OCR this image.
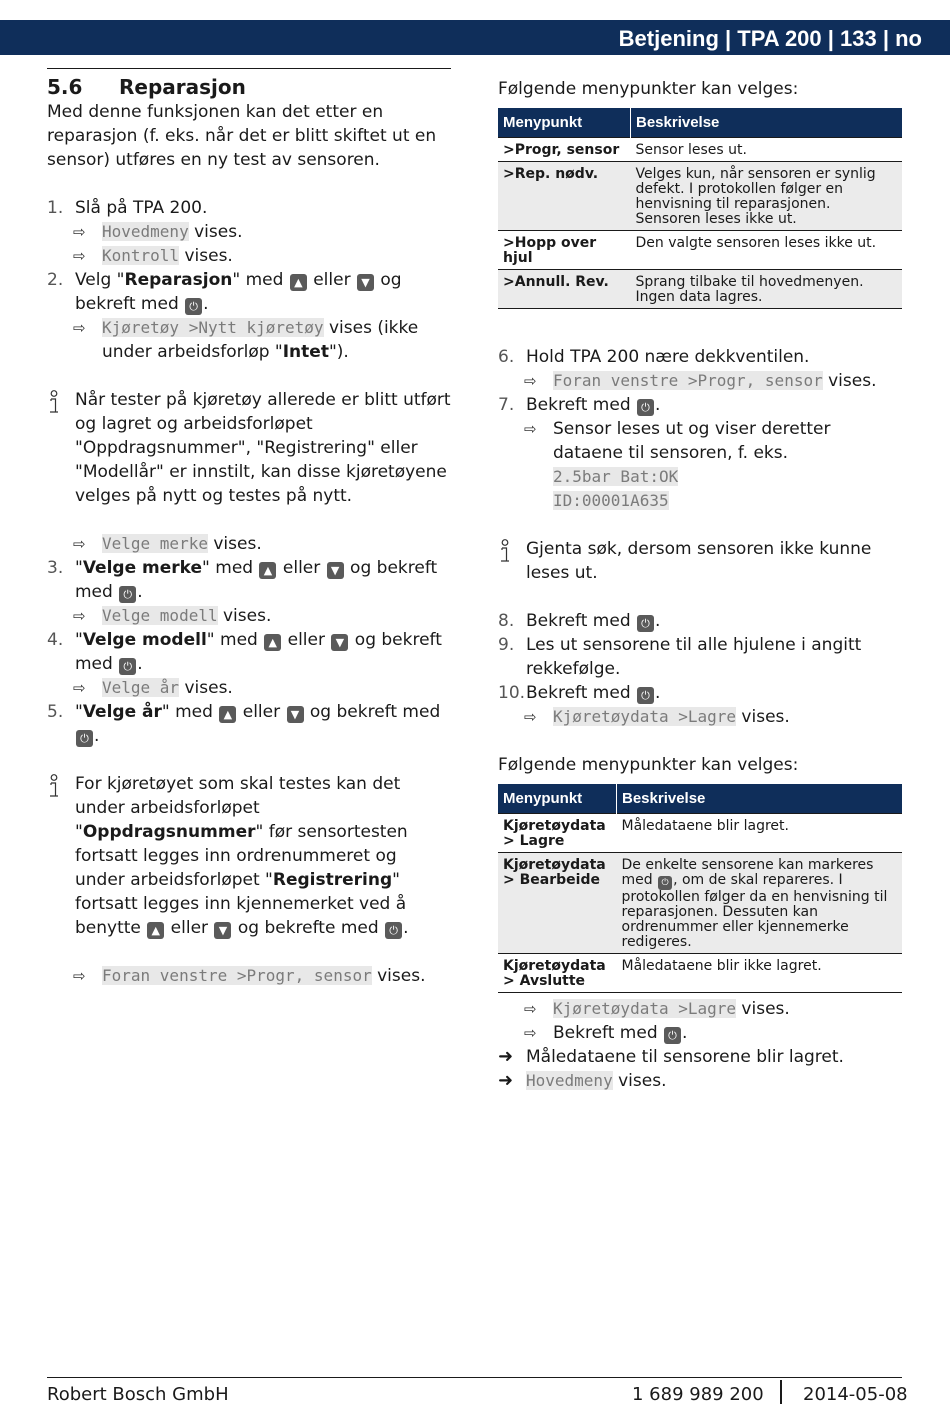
Betjening | TPA 200 | 133 | no
5.6 Reparasjon

Med denne funksjonen kan det etter en reparasjon (f. eks. når det er blitt skiftet ut en sensor) utføres en ny test av sensoren.

1. Slå på TPA 200.
⇨ Hovedmeny vises.
⇨ Kontroll vises.
2. Velg "Reparasjon" med ▲ eller ▼ og bekreft med ⏻ .
⇨ Kjøretøy >Nytt kjøretøy vises (ikke under arbeidsforløp "Intet").

Når tester på kjøretøy allerede er blitt utført og lagret og arbeidsforløpet "Oppdragsnummer", "Registrering" eller "Modellår" er innstilt, kan disse kjøretøyene velges på nytt og testes på nytt.

⇨ Velge merke vises.
3. "Velge merke" med ▲ eller ▼ og bekreft med ⏻ .
⇨ Velge modell vises.
4. "Velge modell" med ▲ eller ▼ og bekreft med ⏻ .
⇨ Velge år vises.
5. "Velge år" med ▲ eller ▼ og bekreft med ⏻ .

For kjøretøyet som skal testes kan det under arbeidsforløpet "Oppdragsnummer" før sensortesten fortsatt legges inn ordrenummeret og under arbeidsforløpet "Registrering" fortsatt legges inn kjennemerket ved å benytte ▲ eller ▼ og bekrefte med ⏻ .

⇨ Foran venstre >Progr, sensor vises.

Følgende menypunkter kan velges:

Menypunkt	Beskrivelse
>Progr, sensor	Sensor leses ut.
>Rep. nødv.	Velges kun, når sensoren er synlig defekt. I protokollen følger en henvisning til reparasjonen. Sensoren leses ikke ut.
>Hopp over hjul	Den valgte sensoren leses ikke ut.
>Annull. Rev.	Sprang tilbake til hovedmenyen. Ingen data lagres.
6. Hold TPA 200 nære dekkventilen.
⇨ Foran venstre >Progr, sensor vises.
7. Bekreft med ⏻ .
⇨ Sensor leses ut og viser deretter dataene til sensoren, f. eks.
2.5bar Bat:OK
ID:00001A635

Gjenta søk, dersom sensoren ikke kunne leses ut.

8. Bekreft med ⏻ .
9. Les ut sensorene til alle hjulene i angitt rekkefølge.
10. Bekreft med ⏻ .
⇨ Kjøretøydata >Lagre vises.

Følgende menypunkter kan velges:

Menypunkt	Beskrivelse
Kjøretøydata > Lagre	Måledataene blir lagret.
Kjøretøydata > Bearbeide	De enkelte sensorene kan markeres med ⏻ , om de skal repareres. I protokollen følger da en henvisning til reparasjonen. Dessuten kan ordrenummer eller kjennemerke redigeres.
Kjøretøydata > Avslutte	Måledataene blir ikke lagret.
⇨ Kjøretøydata >Lagre vises.
⇨ Bekreft med ⏻ .
➜ Måledataene til sensorene blir lagret.
➜ Hovedmeny vises.
Robert Bosch GmbH	1 689 989 200 2014-05-08
